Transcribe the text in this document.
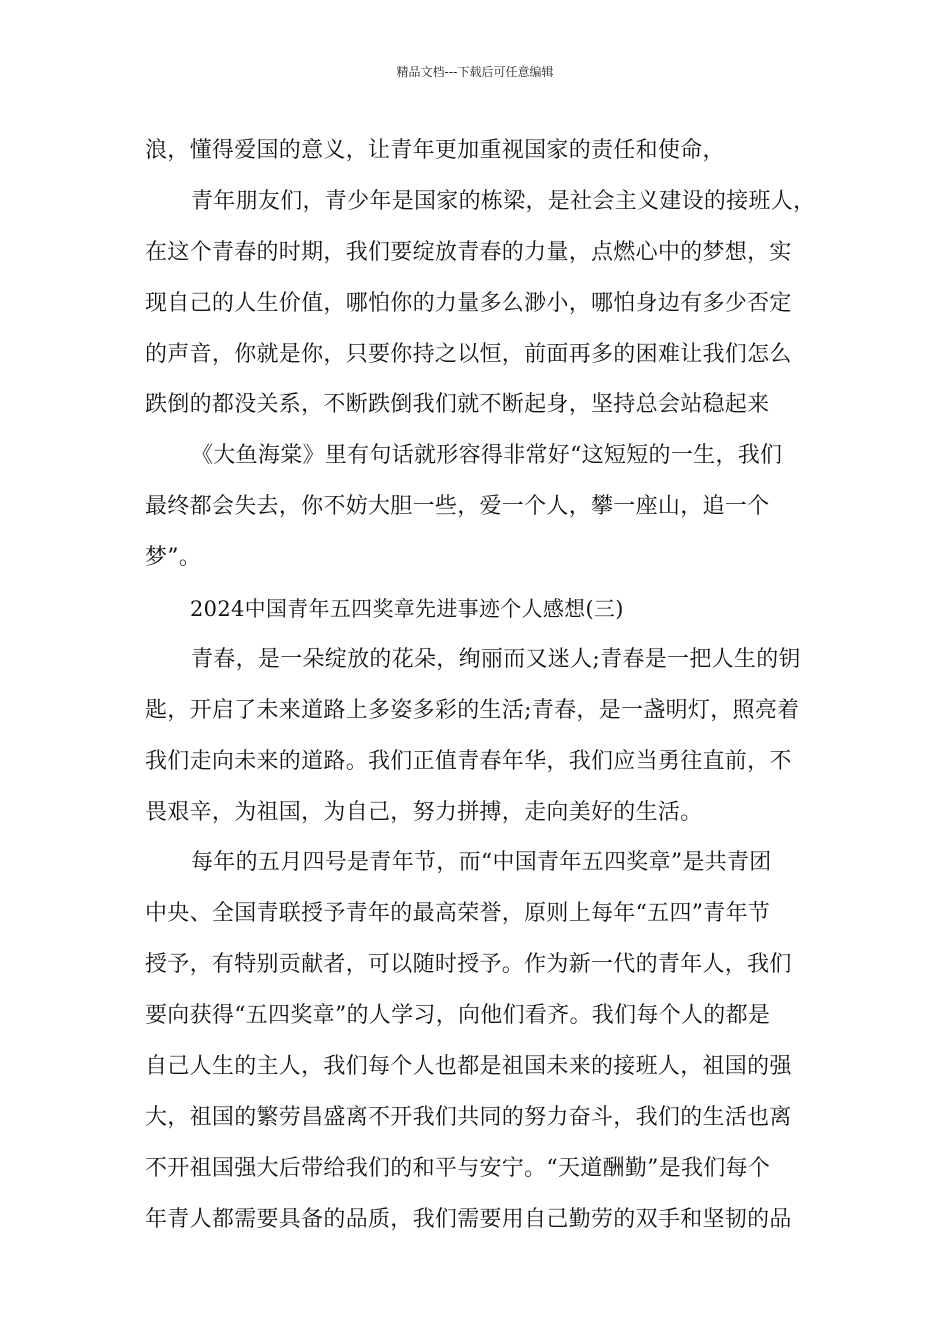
精品文档---下载后可任意编辑
浪，懂得爱国的意义，让青年更加重视国家的责任和使命，
青年朋友们，青少年是国家的栋梁，是社会主义建设的接班人，
在这个青春的时期，我们要绽放青春的力量，点燃心中的梦想，实
现自己的人生价值，哪怕你的力量多么渺小，哪怕身边有多少否定
的声音，你就是你，只要你持之以恒，前面再多的困难让我们怎么
跌倒的都没关系，不断跌倒我们就不断起身，坚持总会站稳起来
《大鱼海棠》里有句话就形容得非常好“这短短的一生，我们
最终都会失去，你不妨大胆一些，爱一个人，攀一座山，追一个
梦”。
2024中国青年五四奖章先进事迹个人感想(三)
青春，是一朵绽放的花朵，绚丽而又迷人;青春是一把人生的钥
匙，开启了未来道路上多姿多彩的生活;青春，是一盏明灯，照亮着
我们走向未来的道路。我们正值青春年华，我们应当勇往直前，不
畏艰辛，为祖国，为自己，努力拼搏，走向美好的生活。
每年的五月四号是青年节，而“中国青年五四奖章”是共青团
中央、全国青联授予青年的最高荣誉，原则上每年“五四”青年节
授予，有特别贡献者，可以随时授予。作为新一代的青年人，我们
要向获得“五四奖章”的人学习，向他们看齐。我们每个人的都是
自己人生的主人，我们每个人也都是祖国未来的接班人，祖国的强
大，祖国的繁劳昌盛离不开我们共同的努力奋斗，我们的生活也离
不开祖国强大后带给我们的和平与安宁。“天道酬勤”是我们每个
年青人都需要具备的品质，我们需要用自己勤劳的双手和坚韧的品
